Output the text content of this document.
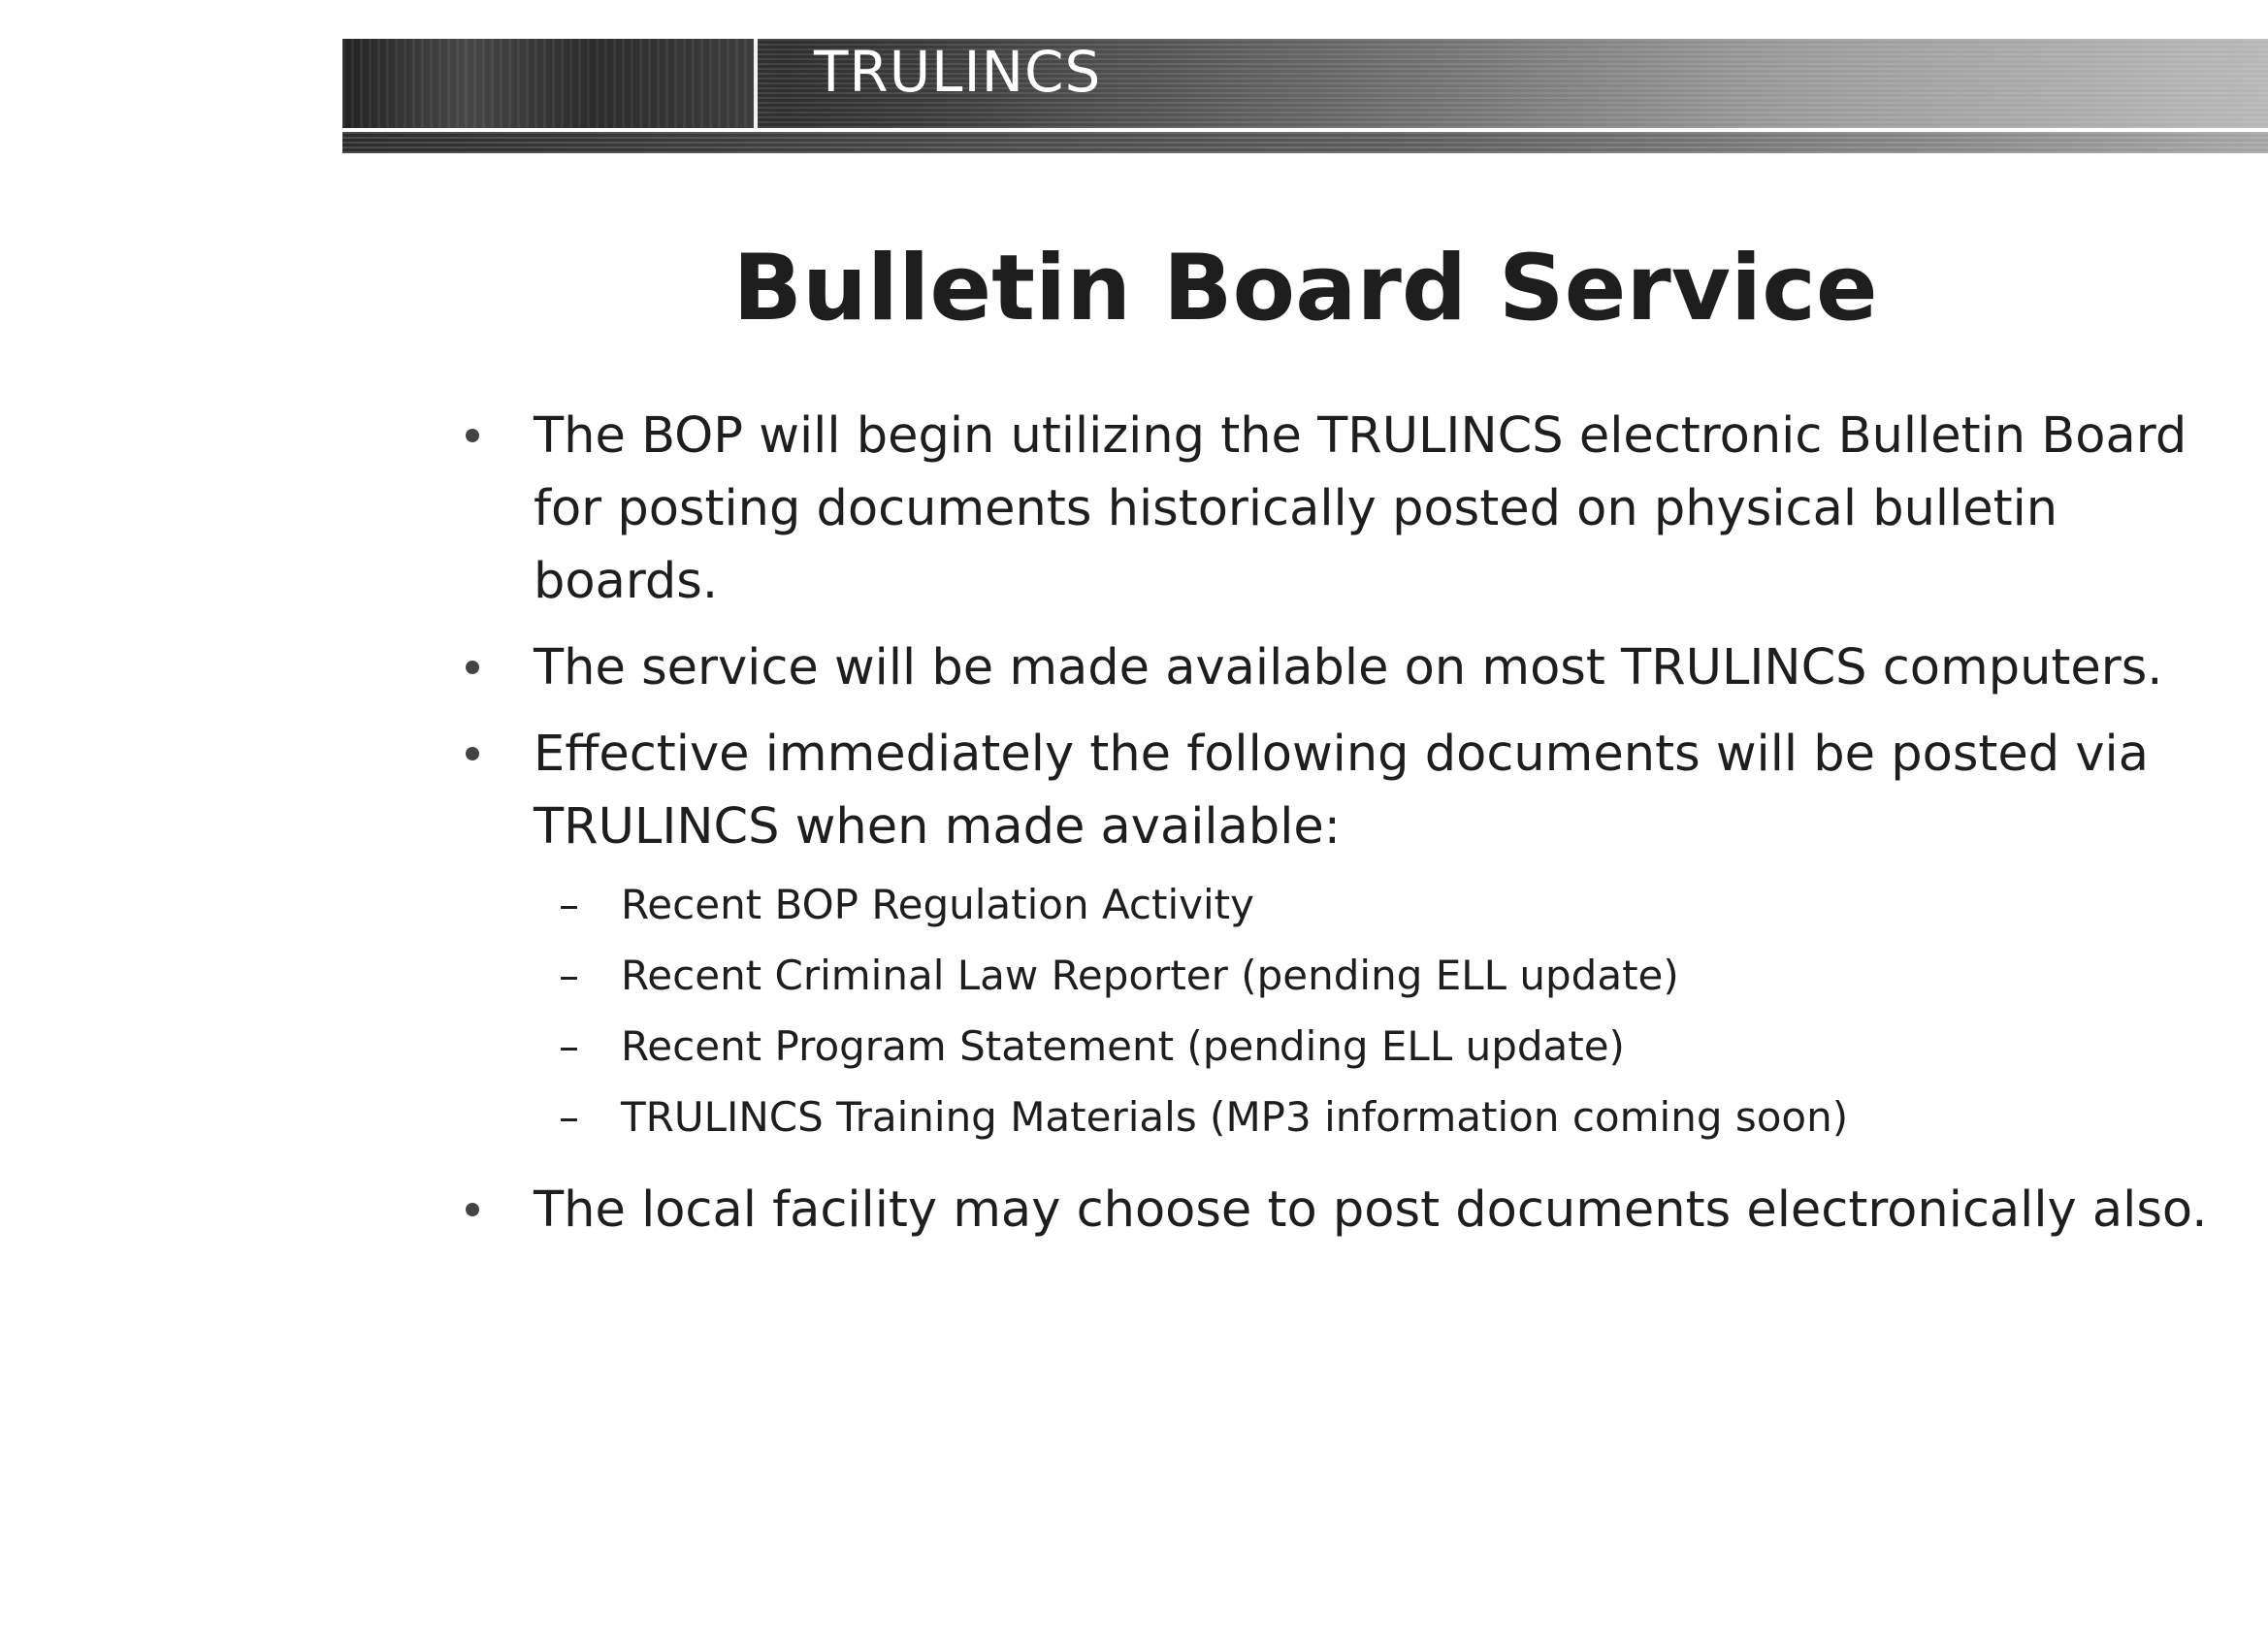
TRULINCS
Bulletin Board Service
The BOP will begin utilizing the TRULINCS electronic Bulletin Board for posting documents historically posted on physical bulletin boards.
The service will be made available on most TRULINCS computers.
Effective immediately the following documents will be posted via TRULINCS when made available:
– Recent BOP Regulation Activity
– Recent Criminal Law Reporter (pending ELL update)
– Recent Program Statement (pending ELL update)
– TRULINCS Training Materials (MP3 information coming soon)
The local facility may choose to post documents electronically also.
